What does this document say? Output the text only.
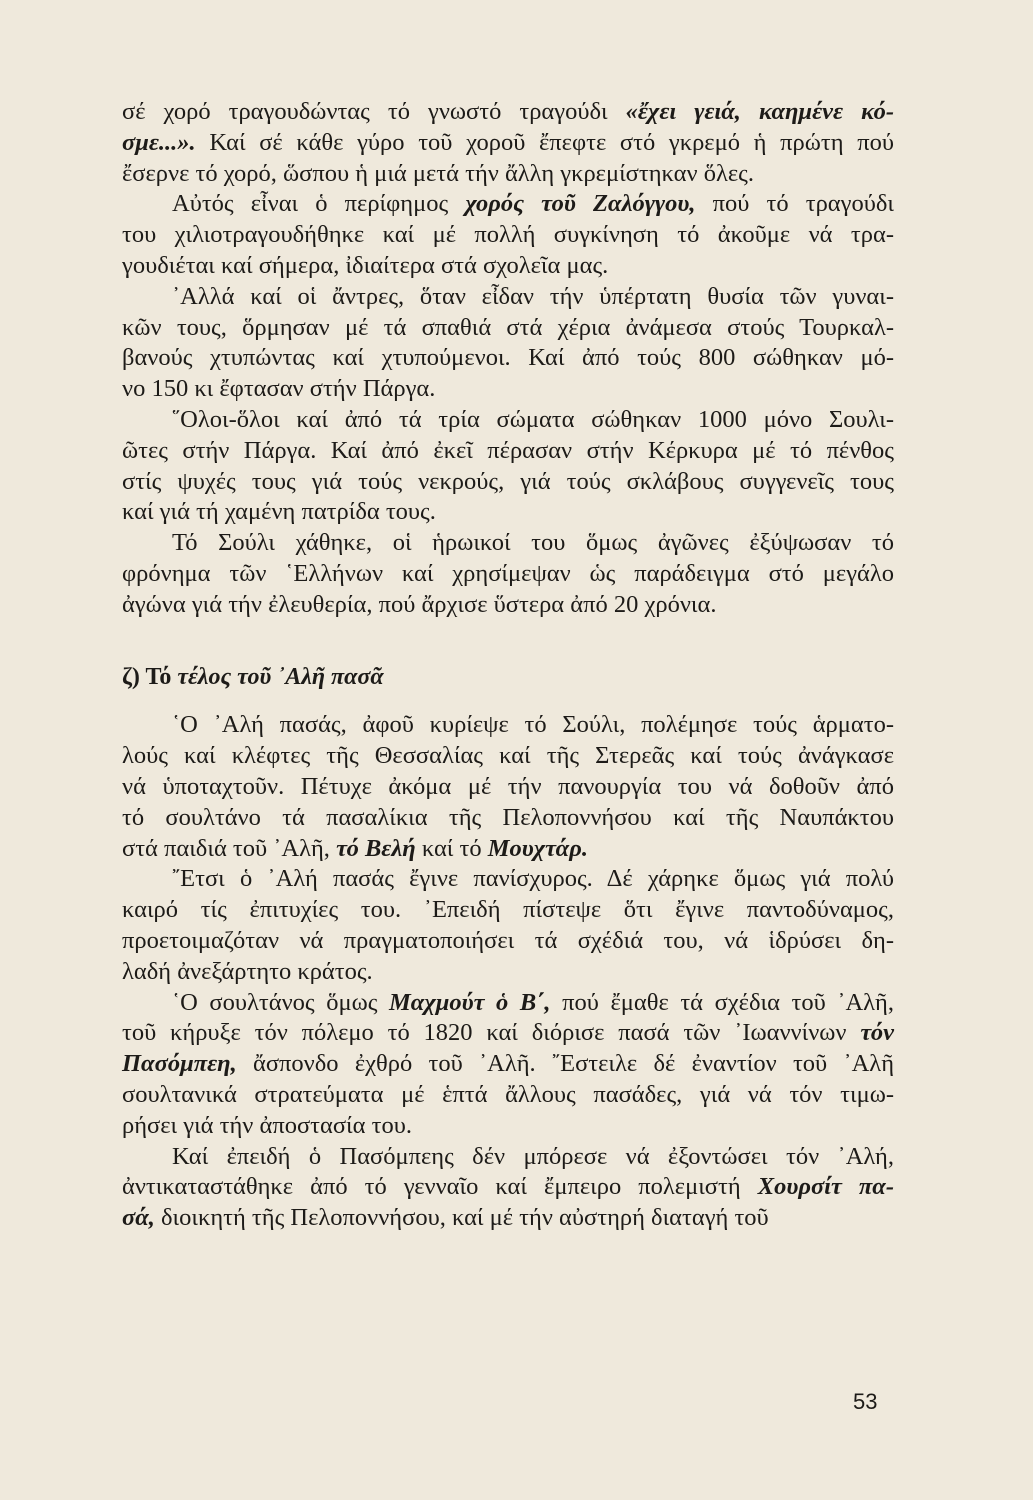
σέ χορό τραγουδώντας τό γνωστό τραγούδι «ἔχει γειά, καημένε κό-
σμε...». Καί σέ κάθε γύρο τοῦ χοροῦ ἔπεφτε στό γκρεμό ἡ πρώτη πού
ἔσερνε τό χορό, ὥσπου ἡ μιά μετά τήν ἄλλη γκρεμίστηκαν ὅλες.

Αὐτός εἶναι ὁ περίφημος χορός τοῦ Ζαλόγγου, πού τό τραγούδι
του χιλιοτραγουδήθηκε καί μέ πολλή συγκίνηση τό ἀκοῦμε νά τρα-
γουδιέται καί σήμερα, ἰδιαίτερα στά σχολεῖα μας.

᾿Αλλά καί οἱ ἄντρες, ὅταν εἶδαν τήν ὑπέρτατη θυσία τῶν γυναι-
κῶν τους, ὅρμησαν μέ τά σπαθιά στά χέρια ἀνάμεσα στούς Τουρκαλ-
βανούς χτυπώντας καί χτυπούμενοι. Καί ἀπό τούς 800 σώθηκαν μό-
νο 150 κι ἔφτασαν στήν Πάργα.

῞Ολοι-ὅλοι καί ἀπό τά τρία σώματα σώθηκαν 1000 μόνο Σουλι-
ῶτες στήν Πάργα. Καί ἀπό ἐκεῖ πέρασαν στήν Κέρκυρα μέ τό πένθος
στίς ψυχές τους γιά τούς νεκρούς, γιά τούς σκλάβους συγγενεῖς τους
καί γιά τή χαμένη πατρίδα τους.

Τό Σούλι χάθηκε, οἱ ἡρωικοί του ὅμως ἀγῶνες ἐξύψωσαν τό
φρόνημα τῶν ῾Ελλήνων καί χρησίμεψαν ὡς παράδειγμα στό μεγάλο
ἀγώνα γιά τήν ἐλευθερία, πού ἄρχισε ὕστερα ἀπό 20 χρόνια.

ζ) Τό τέλος τοῦ ᾿Αλῆ πασᾶ

῾Ο ᾿Αλή πασάς, ἀφοῦ κυρίεψε τό Σούλι, πολέμησε τούς ἁρματο-
λούς καί κλέφτες τῆς Θεσσαλίας καί τῆς Στερεᾶς καί τούς ἀνάγκασε
νά ὑποταχτοῦν. Πέτυχε ἀκόμα μέ τήν πανουργία του νά δοθοῦν ἀπό
τό σουλτάνο τά πασαλίκια τῆς Πελοποννήσου καί τῆς Ναυπάκτου
στά παιδιά τοῦ ᾿Αλῆ, τό Βελή καί τό Μουχτάρ.

῎Ετσι ὁ ᾿Αλή πασάς ἔγινε πανίσχυρος. Δέ χάρηκε ὅμως γιά πολύ
καιρό τίς ἐπιτυχίες του. ᾿Επειδή πίστεψε ὅτι ἔγινε παντοδύναμος,
προετοιμαζόταν νά πραγματοποιήσει τά σχέδιά του, νά ἱδρύσει δη-
λαδή ἀνεξάρτητο κράτος.

῾Ο σουλτάνος ὅμως Μαχμούτ ὁ Β΄, πού ἔμαθε τά σχέδια τοῦ ᾿Αλῆ,
τοῦ κήρυξε τόν πόλεμο τό 1820 καί διόρισε πασά τῶν ᾿Ιωαννίνων τόν
Πασόμπεη, ἄσπονδο ἐχθρό τοῦ ᾿Αλῆ. ῎Εστειλε δέ ἐναντίον τοῦ ᾿Αλῆ
σουλτανικά στρατεύματα μέ ἑπτά ἄλλους πασάδες, γιά νά τόν τιμω-
ρήσει γιά τήν ἀποστασία του.

Καί ἐπειδή ὁ Πασόμπεης δέν μπόρεσε νά ἐξοντώσει τόν ᾿Αλή,
ἀντικαταστάθηκε ἀπό τό γενναῖο καί ἔμπειρο πολεμιστή Χουρσίτ πα-
σά, διοικητή τῆς Πελοποννήσου, καί μέ τήν αὐστηρή διαταγή τοῦ

53
